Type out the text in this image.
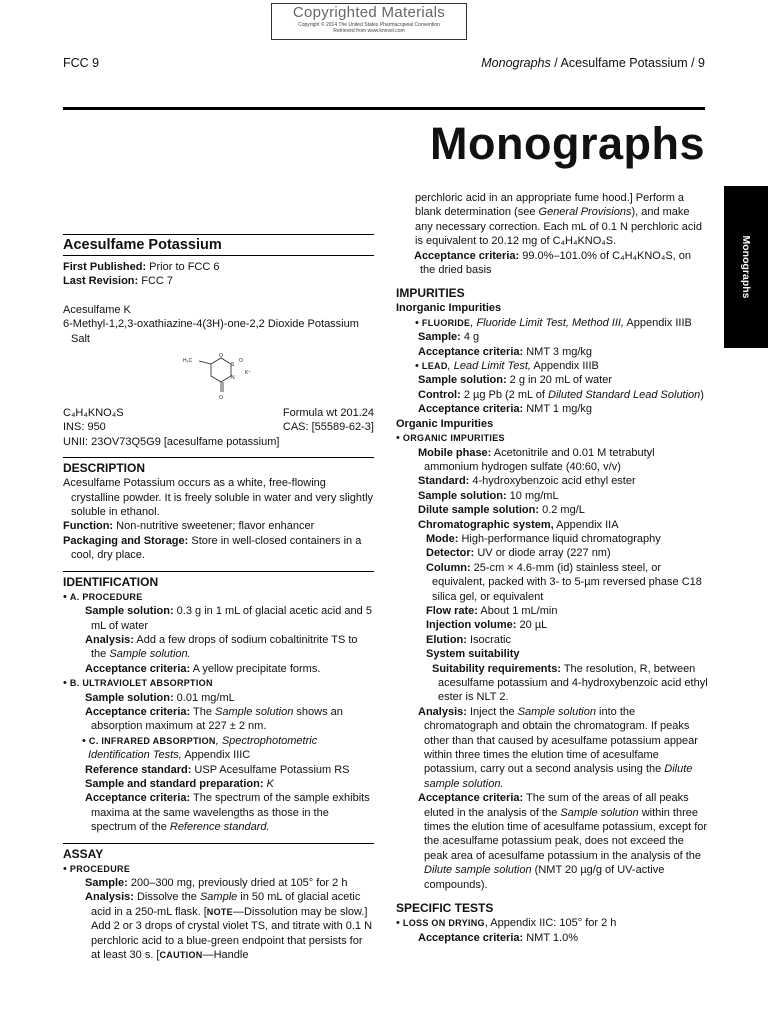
Copyrighted Materials
Copyright © 2014 The United States Pharmacopeial Convention
Retrieved from www.knovel.com
FCC 9	Monographs / Acesulfame Potassium / 9
Monographs
Monographs
Acesulfame Potassium
First Published: Prior to FCC 6
Last Revision: FCC 7
Acesulfame K
6-Methyl-1,2,3-oxathiazine-4(3H)-one-2,2 Dioxide Potassium Salt
H₃C
O
S
O
N
K⁺
O
C₄H₄KNO₄S	Formula wt 201.24
INS: 950	CAS: [55589-62-3]
UNII: 23OV73Q5G9 [acesulfame potassium]
DESCRIPTION
Acesulfame Potassium occurs as a white, free-flowing crystalline powder. It is freely soluble in water and very slightly soluble in ethanol.
Function: Non-nutritive sweetener; flavor enhancer
Packaging and Storage: Store in well-closed containers in a cool, dry place.
IDENTIFICATION
• A. PROCEDURE
Sample solution: 0.3 g in 1 mL of glacial acetic acid and 5 mL of water
Analysis: Add a few drops of sodium cobaltinitrite TS to the Sample solution.
Acceptance criteria: A yellow precipitate forms.
• B. ULTRAVIOLET ABSORPTION
Sample solution: 0.01 mg/mL
Acceptance criteria: The Sample solution shows an absorption maximum at 227 ± 2 nm.
• C. INFRARED ABSORPTION, Spectrophotometric Identification Tests, Appendix IIIC
Reference standard: USP Acesulfame Potassium RS
Sample and standard preparation: K
Acceptance criteria: The spectrum of the sample exhibits maxima at the same wavelengths as those in the spectrum of the Reference standard.
ASSAY
• PROCEDURE
Sample: 200–300 mg, previously dried at 105° for 2 h
Analysis: Dissolve the Sample in 50 mL of glacial acetic acid in a 250-mL flask. [NOTE—Dissolution may be slow.] Add 2 or 3 drops of crystal violet TS, and titrate with 0.1 N perchloric acid to a blue-green endpoint that persists for at least 30 s. [CAUTION—Handle
perchloric acid in an appropriate fume hood.] Perform a blank determination (see General Provisions), and make any necessary correction. Each mL of 0.1 N perchloric acid is equivalent to 20.12 mg of C₄H₄KNO₄S.
Acceptance criteria: 99.0%–101.0% of C₄H₄KNO₄S, on the dried basis
IMPURITIES
Inorganic Impurities
• FLUORIDE, Fluoride Limit Test, Method III, Appendix IIIB
Sample: 4 g
Acceptance criteria: NMT 3 mg/kg
• LEAD, Lead Limit Test, Appendix IIIB
Sample solution: 2 g in 20 mL of water
Control: 2 µg Pb (2 mL of Diluted Standard Lead Solution)
Acceptance criteria: NMT 1 mg/kg
Organic Impurities
• ORGANIC IMPURITIES
Mobile phase: Acetonitrile and 0.01 M tetrabutyl ammonium hydrogen sulfate (40:60, v/v)
Standard: 4-hydroxybenzoic acid ethyl ester
Sample solution: 10 mg/mL
Dilute sample solution: 0.2 mg/L
Chromatographic system, Appendix IIA
Mode: High-performance liquid chromatography
Detector: UV or diode array (227 nm)
Column: 25-cm × 4.6-mm (id) stainless steel, or equivalent, packed with 3- to 5-µm reversed phase C18 silica gel, or equivalent
Flow rate: About 1 mL/min
Injection volume: 20 µL
Elution: Isocratic
System suitability
Suitability requirements: The resolution, R, between acesulfame potassium and 4-hydroxybenzoic acid ethyl ester is NLT 2.
Analysis: Inject the Sample solution into the chromatograph and obtain the chromatogram. If peaks other than that caused by acesulfame potassium appear within three times the elution time of acesulfame potassium, carry out a second analysis using the Dilute sample solution.
Acceptance criteria: The sum of the areas of all peaks eluted in the analysis of the Sample solution within three times the elution time of acesulfame potassium, except for the acesulfame potassium peak, does not exceed the peak area of acesulfame potassium in the analysis of the Dilute sample solution (NMT 20 µg/g of UV-active compounds).
SPECIFIC TESTS
• LOSS ON DRYING, Appendix IIC: 105° for 2 h
Acceptance criteria: NMT 1.0%
